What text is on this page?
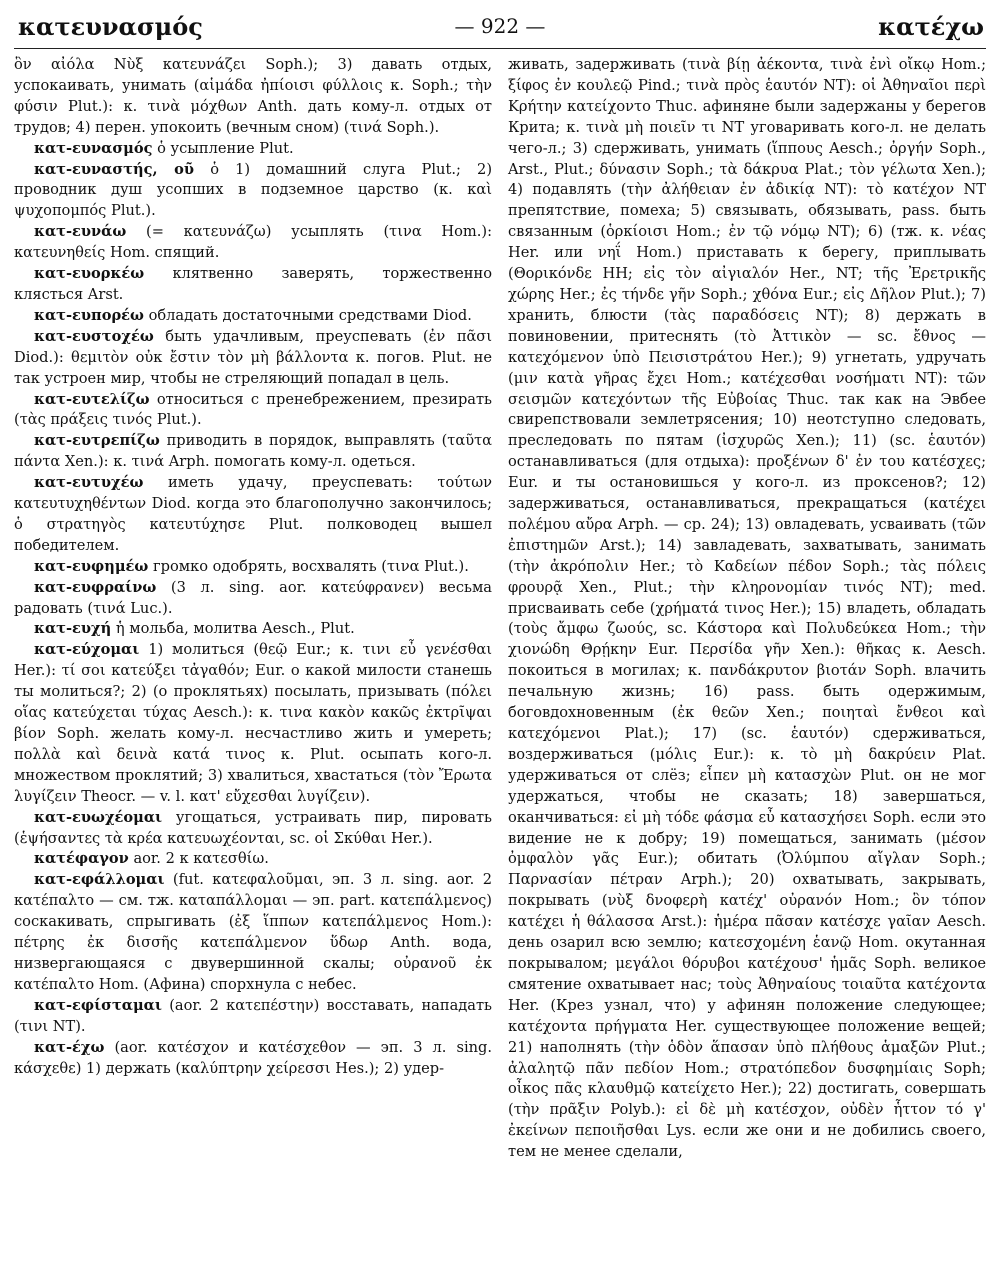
κατευνασμός	— 922 —	κατέχω

ὃν αἰόλα Νὺξ κατευνάζει Soph.); 3) давать отдых, успокаивать, унимать (αἱμάδα ἠπίοισι φύλλοις κ. Soph.; τὴν φύσιν Plut.): κ. τινὰ μόχθων Anth. дать кому-л. отдых от трудов; 4) перен. упокоить (вечным сном) (τινά Soph.).

κατ-ευνασμός ὁ усыпление Plut.

κατ-ευναστής, οῦ ὁ 1) домашний слуга Plut.; 2) проводник душ усопших в подземное царство (κ. καὶ ψυχοπομπός Plut.).

κατ-ευνάω (= κατευνάζω) усыплять (τινα Hom.): κατευνηθείς Hom. спящий.

κατ-ευορκέω клятвенно заверять, торжественно клясться Arst.

κατ-ευπορέω обладать достаточными средствами Diod.

κατ-ευστοχέω быть удачливым, преуспевать (ἐν πᾶσι Diod.): θεμιτὸν οὐκ ἔστιν τὸν μὴ βάλλοντα κ. погов. Plut. не так устроен мир, чтобы не стреляющий попадал в цель.

κατ-ευτελίζω относиться с пренебрежением, презирать (τὰς πράξεις τινός Plut.).

κατ-ευτρεπίζω приводить в порядок, выправлять (ταῦτα πάντα Xen.): κ. τινά Arph. помогать кому-л. одеться.

κατ-ευτυχέω иметь удачу, преуспевать: τούτων κατευτυχηθέντων Diod. когда это благополучно закончилось; ὁ στρατηγὸς κατευτύχησε Plut. полководец вышел победителем.

κατ-ευφημέω громко одобрять, восхвалять (τινα Plut.).

κατ-ευφραίνω (3 л. sing. aor. κατεύφρανεν) весьма радовать (τινά Luc.).

κατ-ευχή ἡ мольба, молитва Aesch., Plut.

κατ-εύχομαι 1) молиться (θεῷ Eur.; κ. τινι εὖ γενέσθαι Her.): τί σοι κατεύξει τἀγαθόν; Eur. о какой милости станешь ты молиться?; 2) (о проклятьях) посылать, призывать (πόλει οἵας κατεύχεται τύχας Aesch.): κ. τινα κακὸν κακῶς ἐκτρῖψαι βίον Soph. желать кому-л. несчастливо жить и умереть; πολλὰ καὶ δεινὰ κατά τινος κ. Plut. осыпать кого-л. множеством проклятий; 3) хвалиться, хвастаться (τὸν Ἔρωτα λυγίζειν Theocr. — v. l. κατ' εὔχεσθαι λυγίζειν).

κατ-ευωχέομαι угощаться, устраивать пир, пировать (ἑψήσαντες τὰ κρέα κατευωχέονται, sc. οἱ Σκύθαι Her.).

κατέφαγον aor. 2 к κατεσθίω.

κατ-εφάλλομαι (fut. κατεφαλοῦμαι, эп. 3 л. sing. aor. 2 κατέπαλτο — см. тж. καταπάλλομαι — эп. part. κατεπάλμενος) соскакивать, спрыгивать (ἐξ ἵππων κατεπάλμενος Hom.): πέτρης ἐκ δισσῆς κατεπάλμενον ὕδωρ Anth. вода, низвергающаяся с двувершинной скалы; οὐρανοῦ ἐκ κατέπαλτο Hom. (Афина) спорхнула с небес.

κατ-εφίσταμαι (aor. 2 κατεπέστην) восставать, нападать (τινι NT).

κατ-έχω (aor. κατέσχον и κατέσχεθον — эп. 3 л. sing. κάσχεθε) 1) держать (καλύπτρην χείρεσσι Hes.); 2) удер-

живать, задерживать (τινὰ βίῃ ἀέκοντα, τινὰ ἐνὶ οἴκῳ Hom.; ξίφος ἐν κουλεῷ Pind.; τινὰ πρὸς ἑαυτόν NT): οἱ Ἀθηναῖοι περὶ Κρήτην κατείχοντο Thuc. афиняне были задержаны у берегов Крита; κ. τινὰ μὴ ποιεῖν τι NT уговаривать кого-л. не делать чего-л.; 3) сдерживать, унимать (ἵππους Aesch.; ὀργήν Soph., Arst., Plut.; δύνασιν Soph.; τὰ δάκρυα Plat.; τὸν γέλωτα Xen.); 4) подавлять (τὴν ἀλήθειαν ἐν ἀδικίᾳ NT): τὸ κατέχον NT препятствие, помеха; 5) связывать, обязывать, pass. быть связанным (ὁρκίοισι Hom.; ἐν τῷ νόμῳ NT); 6) (тж. κ. νέας Her. или νηΐ Hom.) приставать к берегу, приплывать (Θορικόνδε HH; εἰς τὸν αἰγιαλόν Her., NT; τῆς Ἐρετρικῆς χώρης Her.; ἐς τήνδε γῆν Soph.; χθόνα Eur.; εἰς Δῆλον Plut.); 7) хранить, блюсти (τὰς παραδόσεις NT); 8) держать в повиновении, притеснять (τὸ Ἀττικὸν — sc. ἔθνος — κατεχόμενον ὑπὸ Πεισιστράτου Her.); 9) угнетать, удручать (μιν κατὰ γῆρας ἔχει Hom.; κατέχεσθαι νοσήματι NT): τῶν σεισμῶν κατεχόντων τῆς Εὐβοίας Thuc. так как на Эвбее свирепствовали землетрясения; 10) неотступно следовать, преследовать по пятам (ἰσχυρῶς Xen.); 11) (sc. ἑαυτόν) останавливаться (для отдыха): προξένων δ' ἐν του κατέσχες; Eur. и ты остановишься у кого-л. из проксенов?; 12) задерживаться, останавливаться, прекращаться (κατέχει πολέμου αὔρα Arph. — ср. 24); 13) овладевать, усваивать (τῶν ἐπιστημῶν Arst.); 14) завладевать, захватывать, занимать (τὴν ἀκρόπολιν Her.; τὸ Καδείων πέδον Soph.; τὰς πόλεις φρουρᾷ Xen., Plut.; τὴν κληρονομίαν τινός NT); med. присваивать себе (χρήματά τινος Her.); 15) владеть, обладать (τοὺς ἄμφω ζωούς, sc. Κάστορα καὶ Πολυδεύκεα Hom.; τὴν χιονώδη Θρῄκην Eur. Περσίδα γῆν Xen.): θῆκας κ. Aesch. покоиться в могилах; κ. πανδάκρυτον βιοτάν Soph. влачить печальную жизнь; 16) pass. быть одержимым, боговдохновенным (ἐκ θεῶν Xen.; ποιηταὶ ἔνθεοι καὶ κατεχόμενοι Plat.); 17) (sc. ἑαυτόν) сдерживаться, воздерживаться (μόλις Eur.): κ. τὸ μὴ δακρύειν Plat. удерживаться от слёз; εἶπεν μὴ κατασχὼν Plut. он не мог удержаться, чтобы не сказать; 18) завершаться, оканчиваться: εἰ μὴ τόδε φάσμα εὖ κατασχήσει Soph. если это видение не к добру; 19) помещаться, занимать (μέσον ὀμφαλὸν γᾶς Eur.); обитать (Ὀλύμπου αἴγλαν Soph.; Παρνασίαν πέτραν Arph.); 20) охватывать, закрывать, покрывать (νὺξ δνοφερὴ κατέχ' οὐρανόν Hom.; ὃν τόπον κατέχει ἡ θάλασσα Arst.): ἡμέρα πᾶσαν κατέσχε γαῖαν Aesch. день озарил всю землю; κατεσχομένη ἑανῷ Hom. окутанная покрывалом; μεγάλοι θόρυβοι κατέχουσ' ἡμᾶς Soph. великое смятение охватывает нас; τοὺς Ἀθηναίους τοιαῦτα κατέχοντα Her. (Крез узнал, что) у афинян положение следующее; κατέχοντα πρήγματα Her. существующее положение вещей; 21) наполнять (τὴν ὁδὸν ἅπασαν ὑπὸ πλήθους ἁμαξῶν Plut.; ἀλαλητῷ πᾶν πεδίον Hom.; στρατόπεδον δυσφημίαις Soph; οἶκος πᾶς κλαυθμῷ κατείχετο Her.); 22) достигать, совершать (τὴν πρᾶξιν Polyb.): εἰ δὲ μὴ κατέσχον, οὐδὲν ἧττον τό γ' ἐκείνων πεποιῆσθαι Lys. если же они и не добились своего, тем не менее сделали,
